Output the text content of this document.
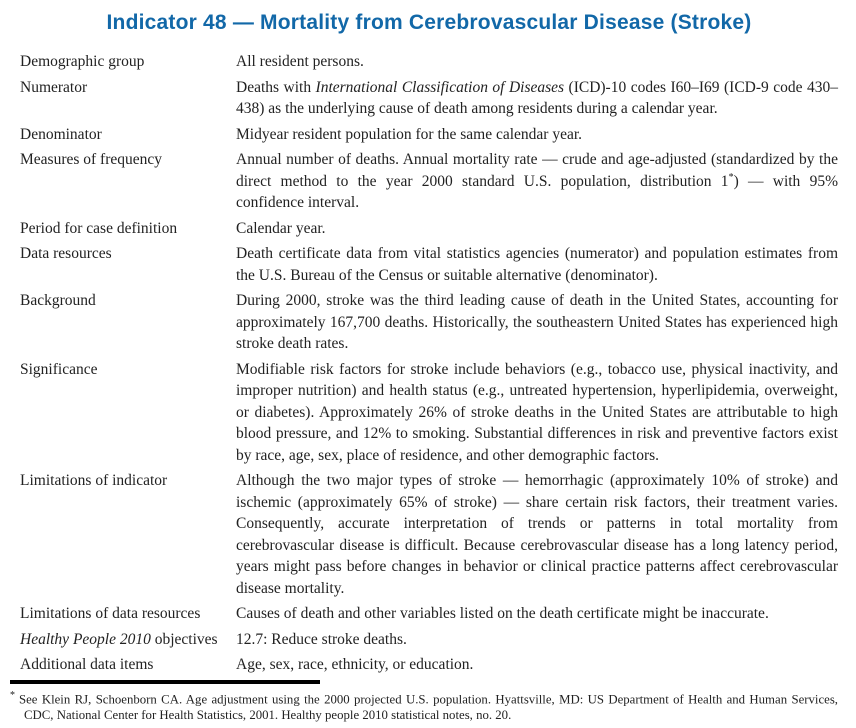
Indicator 48 — Mortality from Cerebrovascular Disease (Stroke)
Demographic group	All resident persons.
Numerator	Deaths with International Classification of Diseases (ICD)-10 codes I60–I69 (ICD-9 code 430–438) as the underlying cause of death among residents during a calendar year.
Denominator	Midyear resident population for the same calendar year.
Measures of frequency	Annual number of deaths. Annual mortality rate — crude and age-adjusted (standardized by the direct method to the year 2000 standard U.S. population, distribution 1*) — with 95% confidence interval.
Period for case definition	Calendar year.
Data resources	Death certificate data from vital statistics agencies (numerator) and population estimates from the U.S. Bureau of the Census or suitable alternative (denominator).
Background	During 2000, stroke was the third leading cause of death in the United States, accounting for approximately 167,700 deaths. Historically, the southeastern United States has experienced high stroke death rates.
Significance	Modifiable risk factors for stroke include behaviors (e.g., tobacco use, physical inactivity, and improper nutrition) and health status (e.g., untreated hypertension, hyperlipidemia, overweight, or diabetes). Approximately 26% of stroke deaths in the United States are attributable to high blood pressure, and 12% to smoking. Substantial differences in risk and preventive factors exist by race, age, sex, place of residence, and other demographic factors.
Limitations of indicator	Although the two major types of stroke — hemorrhagic (approximately 10% of stroke) and ischemic (approximately 65% of stroke) — share certain risk factors, their treatment varies. Consequently, accurate interpretation of trends or patterns in total mortality from cerebrovascular disease is difficult. Because cerebrovascular disease has a long latency period, years might pass before changes in behavior or clinical practice patterns affect cerebrovascular disease mortality.
Limitations of data resources	Causes of death and other variables listed on the death certificate might be inaccurate.
Healthy People 2010 objectives	12.7: Reduce stroke deaths.
Additional data items	Age, sex, race, ethnicity, or education.
* See Klein RJ, Schoenborn CA. Age adjustment using the 2000 projected U.S. population. Hyattsville, MD: US Department of Health and Human Services, CDC, National Center for Health Statistics, 2001. Healthy people 2010 statistical notes, no. 20.
